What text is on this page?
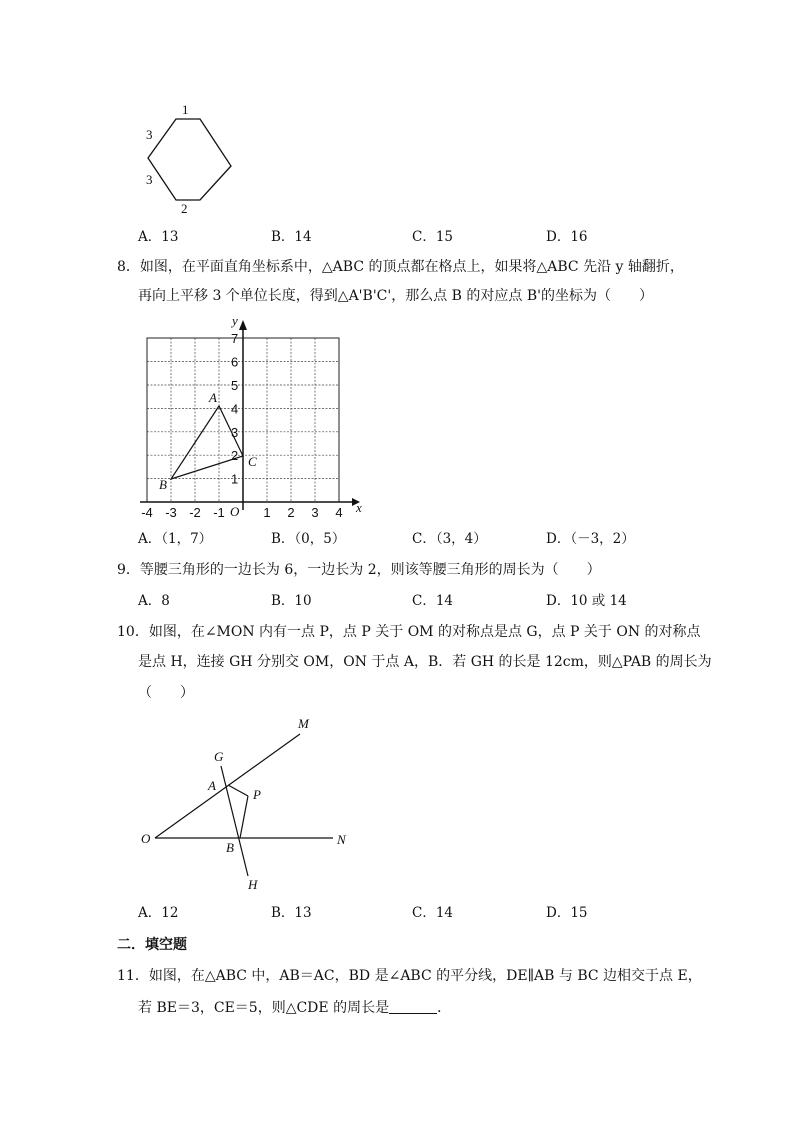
1
3
3
2
A．13	B．14	C．15	D．16
8．如图，在平面直角坐标系中，△ABC 的顶点都在格点上，如果将△ABC 先沿 y 轴翻折，
再向上平移 3 个单位长度，得到△A'B'C'，那么点 B 的对应点 B'的坐标为（　　）
x
y
O
-4 -3 -2 -1	1 2 3 4
1
2
3
4
5
6
7
A
B
C
A．（1，7）	B．（0，5）	C．（3，4）	D．（－3，2）
9．等腰三角形的一边长为 6，一边长为 2，则该等腰三角形的周长为（　　）
A．8	B．10	C．14	D．10 或 14
10．如图，在∠MON 内有一点 P，点 P 关于 OM 的对称点是点 G，点 P 关于 ON 的对称点
是点 H，连接 GH 分别交 OM，ON 于点 A，B．若 GH 的长是 12cm，则△PAB 的周长为
（　　）
M
N
O
G
A
P
B
H
A．12	B．13	C．14	D．15
二．填空题
11．如图，在△ABC 中，AB＝AC，BD 是∠ABC 的平分线，DE∥AB 与 BC 边相交于点 E，
若 BE＝3，CE＝5，则△CDE 的周长是	．
